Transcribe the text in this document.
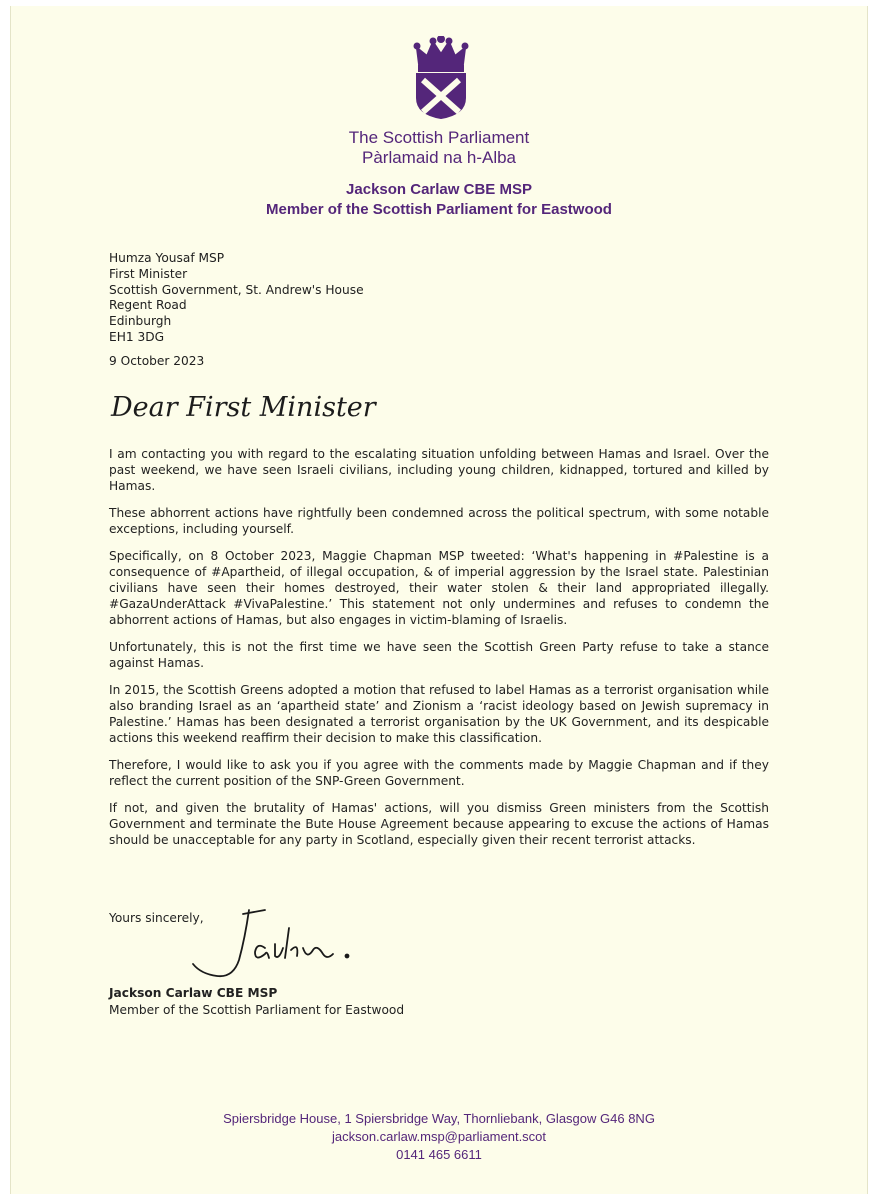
The Scottish Parliament
Pàrlamaid na h-Alba
Jackson Carlaw CBE MSP
Member of the Scottish Parliament for Eastwood
Humza Yousaf MSP
First Minister
Scottish Government, St. Andrew's House
Regent Road
Edinburgh
EH1 3DG
9 October 2023
Dear First Minister

I am contacting you with regard to the escalating situation unfolding between Hamas and Israel. Over the past weekend, we have seen Israeli civilians, including young children, kidnapped, tortured and killed by Hamas.

These abhorrent actions have rightfully been condemned across the political spectrum, with some notable exceptions, including yourself.

Specifically, on 8 October 2023, Maggie Chapman MSP tweeted: ‘What's happening in #Palestine is a consequence of #Apartheid, of illegal occupation, & of imperial aggression by the Israel state. Palestinian civilians have seen their homes destroyed, their water stolen & their land appropriated illegally. #GazaUnderAttack #VivaPalestine.’ This statement not only undermines and refuses to condemn the abhorrent actions of Hamas, but also engages in victim-blaming of Israelis.

Unfortunately, this is not the first time we have seen the Scottish Green Party refuse to take a stance against Hamas.

In 2015, the Scottish Greens adopted a motion that refused to label Hamas as a terrorist organisation while also branding Israel as an ‘apartheid state’ and Zionism a ‘racist ideology based on Jewish supremacy in Palestine.’ Hamas has been designated a terrorist organisation by the UK Government, and its despicable actions this weekend reaffirm their decision to make this classification.

Therefore, I would like to ask you if you agree with the comments made by Maggie Chapman and if they reflect the current position of the SNP-Green Government.

If not, and given the brutality of Hamas' actions, will you dismiss Green ministers from the Scottish Government and terminate the Bute House Agreement because appearing to excuse the actions of Hamas should be unacceptable for any party in Scotland, especially given their recent terrorist attacks.

Yours sincerely,
Jackson Carlaw CBE MSP
Member of the Scottish Parliament for Eastwood
Spiersbridge House, 1 Spiersbridge Way, Thornliebank, Glasgow G46 8NG
jackson.carlaw.msp@parliament.scot
0141 465 6611
